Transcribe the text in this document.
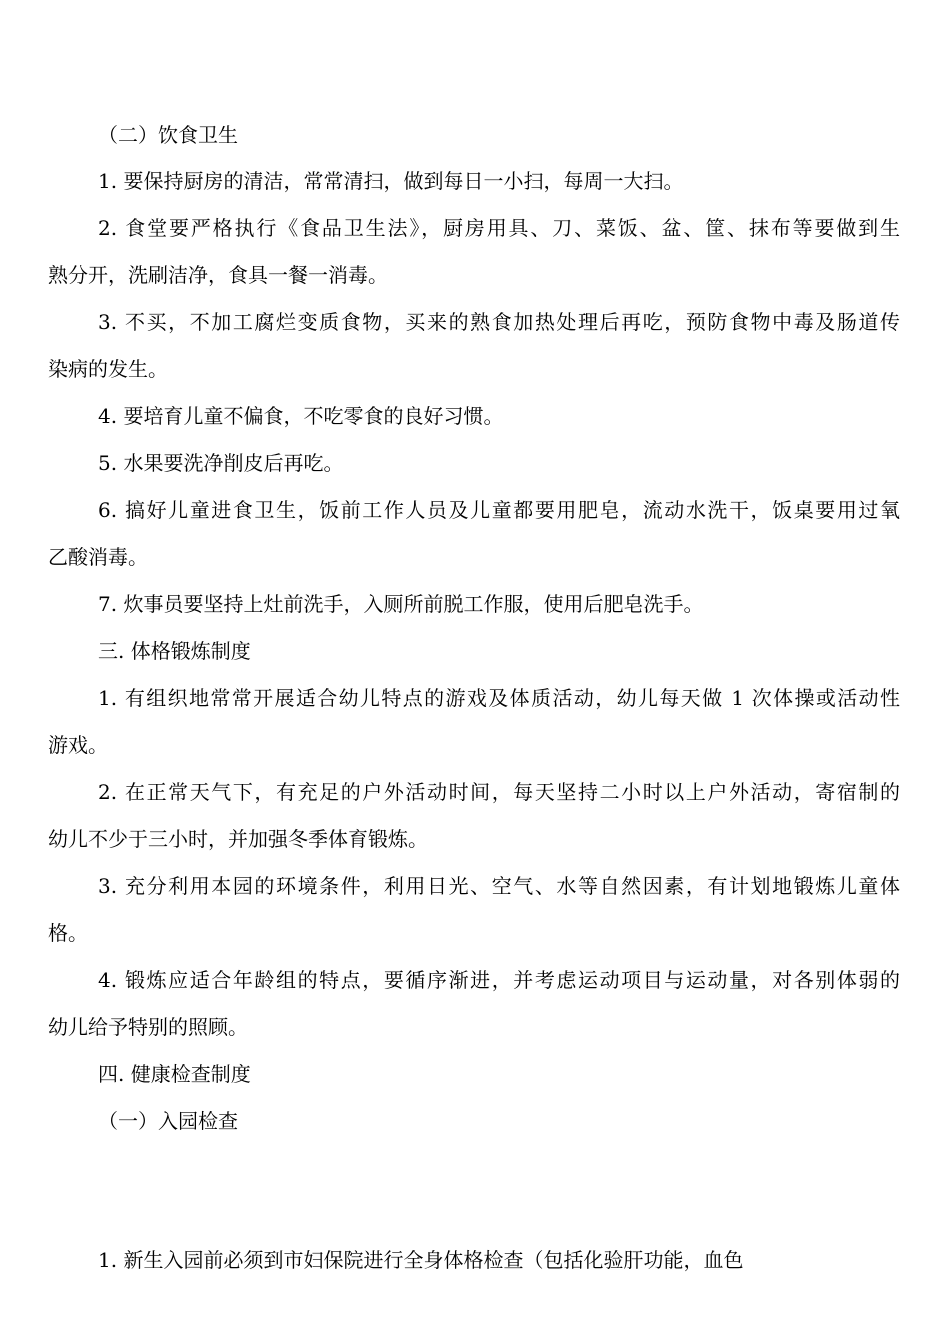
（二）饮食卫生
1. 要保持厨房的清洁，常常清扫，做到每日一小扫，每周一大扫。
2. 食堂要严格执行《食品卫生法》，厨房用具、刀、菜饭、盆、筐、抹布等要做到生
熟分开，洗刷洁净，食具一餐一消毒。
3. 不买，不加工腐烂变质食物，买来的熟食加热处理后再吃，预防食物中毒及肠道传
染病的发生。
4. 要培育儿童不偏食，不吃零食的良好习惯。
5. 水果要洗净削皮后再吃。
6. 搞好儿童进食卫生，饭前工作人员及儿童都要用肥皂，流动水洗干，饭桌要用过氧
乙酸消毒。
7. 炊事员要坚持上灶前洗手，入厕所前脱工作服，使用后肥皂洗手。
三. 体格锻炼制度
1. 有组织地常常开展适合幼儿特点的游戏及体质活动，幼儿每天做 1 次体操或活动性
游戏。
2. 在正常天气下，有充足的户外活动时间，每天坚持二小时以上户外活动，寄宿制的
幼儿不少于三小时，并加强冬季体育锻炼。
3. 充分利用本园的环境条件，利用日光、空气、水等自然因素，有计划地锻炼儿童体
格。
4. 锻炼应适合年龄组的特点，要循序渐进，并考虑运动项目与运动量，对各别体弱的
幼儿给予特别的照顾。
四. 健康检查制度
（一）入园检查
1. 新生入园前必须到市妇保院进行全身体格检查（包括化验肝功能，血色
